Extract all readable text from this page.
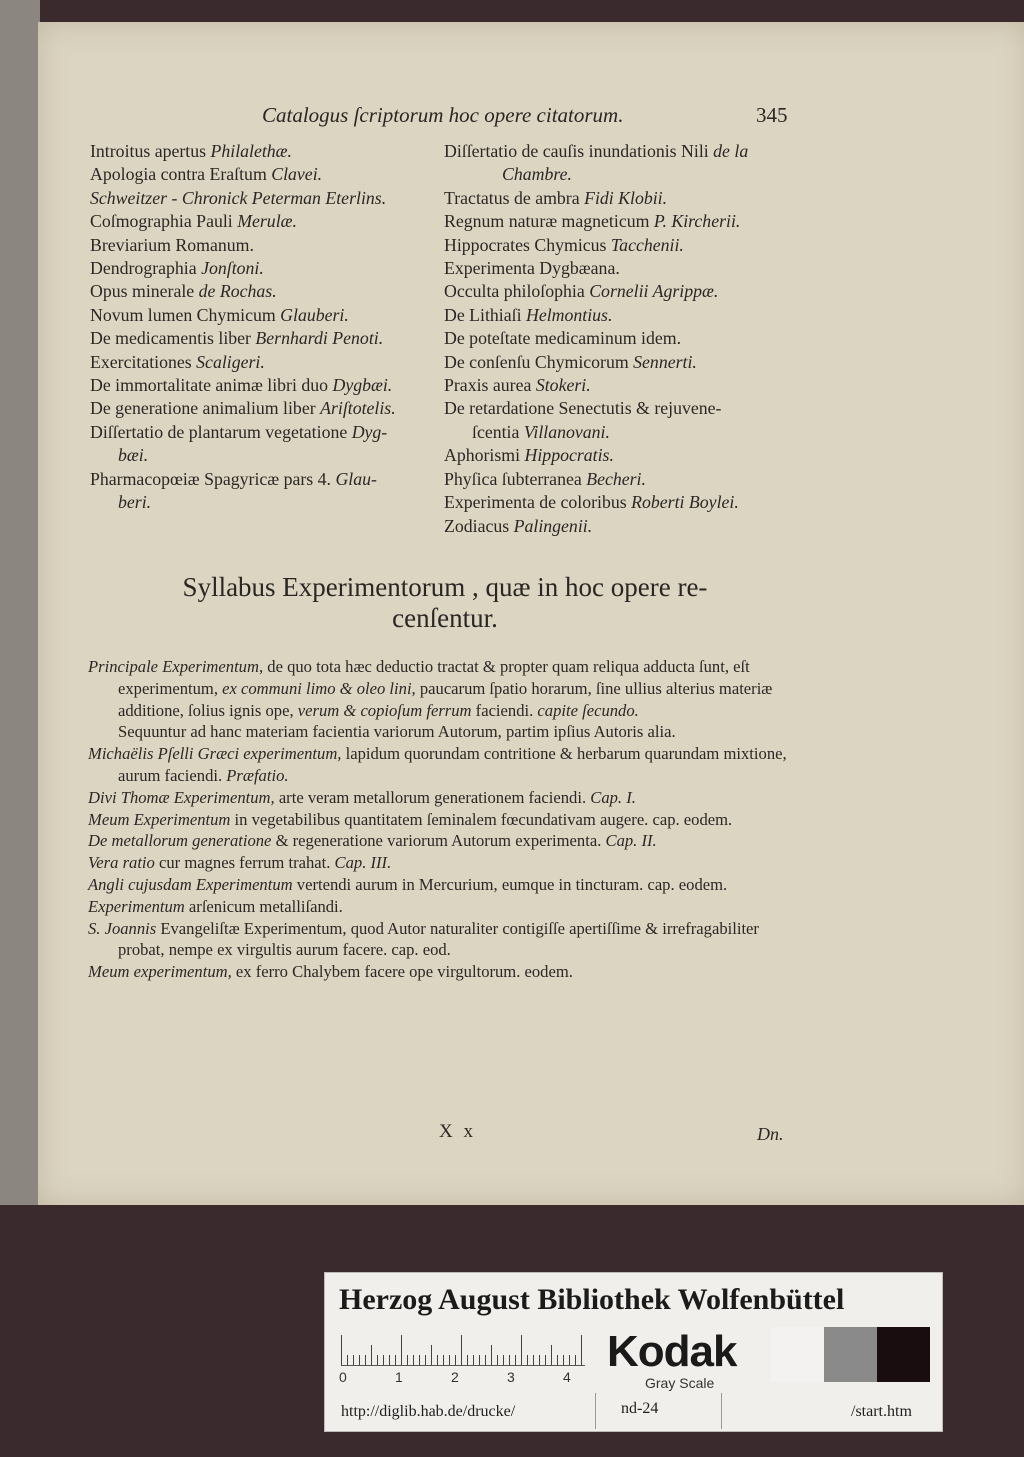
Catalogus ſcriptorum hoc opere citatorum.	345

Introitus apertus Philalethæ.

Apologia contra Eraſtum Clavei.

Schweitzer - Chronick Peterman Eterlins.

Coſmographia Pauli Merulæ.

Breviarium Romanum.

Dendrographia Jonſtoni.

Opus minerale de Rochas.

Novum lumen Chymicum Glauberi.

De medicamentis liber Bernhardi Penoti.

Exercitationes Scaligeri.

De immortalitate animæ libri duo Dygbæi.

De generatione animalium liber Ariſtotelis.

Diſſertatio de plantarum vegetatione Dyg-

bæi.

Pharmacopœiæ Spagyricæ pars 4. Glau-

beri.

Diſſertatio de cauſis inundationis Nili de la

Chambre.

Tractatus de ambra Fidi Klobii.

Regnum naturæ magneticum P. Kircherii.

Hippocrates Chymicus Tacchenii.

Experimenta Dygbæana.

Occulta philoſophia Cornelii Agrippæ.

De Lithiaſi Helmontius.

De poteſtate medicaminum idem.

De conſenſu Chymicorum Sennerti.

Praxis aurea Stokeri.

De retardatione Senectutis & rejuvene-

ſcentia Villanovani.

Aphorismi Hippocratis.

Phyſica ſubterranea Becheri.

Experimenta de coloribus Roberti Boylei.

Zodiacus Palingenii.

Syllabus Experimentorum , quæ in hoc opere re-
cenſentur.

Principale Experimentum, de quo tota hæc deductio tractat & propter quam reliqua adducta ſunt, eſt experimentum, ex communi limo & oleo lini, paucarum ſpatio horarum, ſine ullius alterius materiæ additione, ſolius ignis ope, verum & copioſum ferrum faciendi. capite ſecundo.

Sequuntur ad hanc materiam facientia variorum Autorum, partim ipſius Autoris alia.

Michaëlis Pſelli Græci experimentum, lapidum quorundam contritione & herbarum quarundam mixtione, aurum faciendi. Præfatio.

Divi Thomæ Experimentum, arte veram metallorum generationem faciendi. Cap. I.

Meum Experimentum in vegetabilibus quantitatem ſeminalem fœcundativam augere. cap. eodem.

De metallorum generatione & regeneratione variorum Autorum experimenta. Cap. II.

Vera ratio cur magnes ferrum trahat. Cap. III.

Angli cujusdam Experimentum vertendi aurum in Mercurium, eumque in tincturam. cap. eodem.

Experimentum arſenicum metalliſandi.

S. Joannis Evangeliſtæ Experimentum, quod Autor naturaliter contigiſſe apertiſſime & irrefragabiliter probat, nempe ex virgultis aurum facere. cap. eod.

Meum experimentum, ex ferro Chalybem facere ope virgultorum. eodem.

X x	Dn.
Herzog August Bibliothek Wolfenbüttel
0	1	2	3	4
Kodak
Gray Scale
http://diglib.hab.de/drucke/	nd-24	/start.htm
